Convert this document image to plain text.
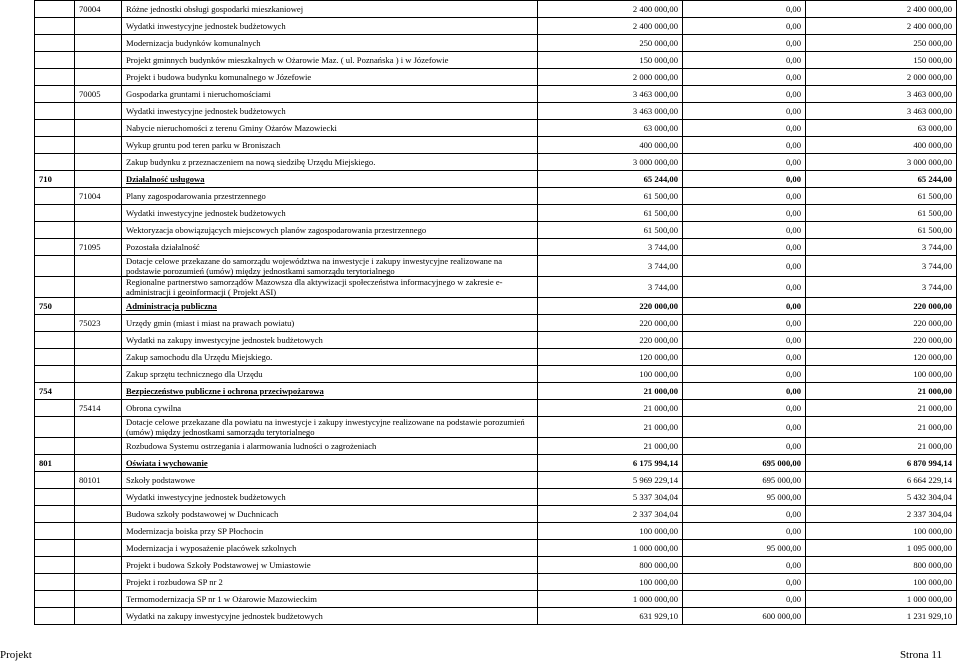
	70004		Różne jednostki obsługi gospodarki mieszkaniowej	2 400 000,00	0,00	2 400 000,00
			Wydatki inwestycyjne jednostek budżetowych	2 400 000,00	0,00	2 400 000,00
			Modernizacja budynków komunalnych	250 000,00	0,00	250 000,00
			Projekt gminnych budynków mieszkalnych w Ożarowie Maz. ( ul. Poznańska ) i w Józefowie	150 000,00	0,00	150 000,00
			Projekt i budowa budynku komunalnego w Józefowie	2 000 000,00	0,00	2 000 000,00
	70005		Gospodarka gruntami i nieruchomościami	3 463 000,00	0,00	3 463 000,00
			Wydatki inwestycyjne jednostek budżetowych	3 463 000,00	0,00	3 463 000,00
			Nabycie nieruchomości z terenu Gminy Ożarów Mazowiecki	63 000,00	0,00	63 000,00
			Wykup gruntu pod teren parku w Broniszach	400 000,00	0,00	400 000,00
			Zakup budynku z przeznaczeniem na nową siedzibę Urzędu Miejskiego.	3 000 000,00	0,00	3 000 000,00
710			Działalność usługowa	65 244,00	0,00	65 244,00
	71004		Plany zagospodarowania przestrzennego	61 500,00	0,00	61 500,00
			Wydatki inwestycyjne jednostek budżetowych	61 500,00	0,00	61 500,00
			Wektoryzacja obowiązujących miejscowych planów zagospodarowania przestrzennego	61 500,00	0,00	61 500,00
	71095		Pozostała działalność	3 744,00	0,00	3 744,00
			Dotacje celowe przekazane do samorządu województwa na inwestycje i zakupy inwestycyjne realizowane na podstawie porozumień (umów) między jednostkami samorządu terytorialnego	3 744,00	0,00	3 744,00
			Regionalne partnerstwo samorządów Mazowsza dla aktywizacji społeczeństwa informacyjnego w zakresie e-administracji i geoinformacji ( Projekt ASI)	3 744,00	0,00	3 744,00
750			Administracja publiczna	220 000,00	0,00	220 000,00
	75023		Urzędy gmin (miast i miast na prawach powiatu)	220 000,00	0,00	220 000,00
			Wydatki na zakupy inwestycyjne jednostek budżetowych	220 000,00	0,00	220 000,00
			Zakup samochodu dla Urzędu Miejskiego.	120 000,00	0,00	120 000,00
			Zakup sprzętu technicznego dla Urzędu	100 000,00	0,00	100 000,00
754			Bezpieczeństwo publiczne i ochrona przeciwpożarowa	21 000,00	0,00	21 000,00
	75414		Obrona cywilna	21 000,00	0,00	21 000,00
			Dotacje celowe przekazane dla powiatu na inwestycje i zakupy inwestycyjne realizowane na podstawie porozumień (umów) między jednostkami samorządu terytorialnego	21 000,00	0,00	21 000,00
			Rozbudowa Systemu ostrzegania i alarmowania ludności o zagrożeniach	21 000,00	0,00	21 000,00
801			Oświata i wychowanie	6 175 994,14	695 000,00	6 870 994,14
	80101		Szkoły podstawowe	5 969 229,14	695 000,00	6 664 229,14
			Wydatki inwestycyjne jednostek budżetowych	5 337 304,04	95 000,00	5 432 304,04
			Budowa szkoły podstawowej w Duchnicach	2 337 304,04	0,00	2 337 304,04
			Modernizacja boiska przy SP Płochocin	100 000,00	0,00	100 000,00
			Modernizacja i wyposażenie placówek szkolnych	1 000 000,00	95 000,00	1 095 000,00
			Projekt i budowa Szkoły Podstawowej w Umiastowie	800 000,00	0,00	800 000,00
			Projekt i rozbudowa SP nr 2	100 000,00	0,00	100 000,00
			Termomodernizacja SP nr 1 w Ożarowie Mazowieckim	1 000 000,00	0,00	1 000 000,00
			Wydatki na zakupy inwestycyjne jednostek budżetowych	631 929,10	600 000,00	1 231 929,10
Projekt	Strona 11
